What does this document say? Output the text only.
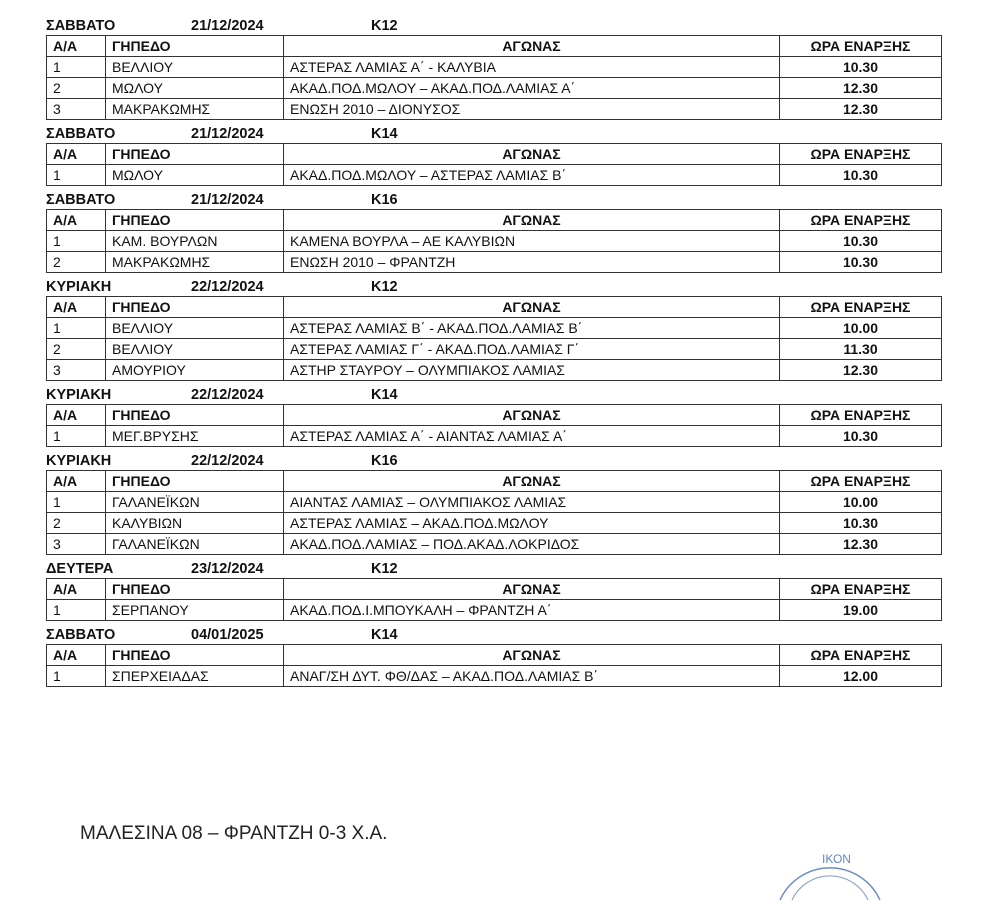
ΣΑΒΒΑΤΟ	21/12/2024	Κ12
Α/Α	ΓΗΠΕΔΟ	ΑΓΩΝΑΣ	ΩΡΑ ΕΝΑΡΞΗΣ
1	ΒΕΛΛΙΟΥ	ΑΣΤΕΡΑΣ ΛΑΜΙΑΣ Α΄ - ΚΑΛΥΒΙΑ	10.30
2	ΜΩΛΟΥ	ΑΚΑΔ.ΠΟΔ.ΜΩΛΟΥ – ΑΚΑΔ.ΠΟΔ.ΛΑΜΙΑΣ Α΄	12.30
3	ΜΑΚΡΑΚΩΜΗΣ	ΕΝΩΣΗ 2010 – ΔΙΟΝΥΣΟΣ	12.30
ΣΑΒΒΑΤΟ	21/12/2024	Κ14
Α/Α	ΓΗΠΕΔΟ	ΑΓΩΝΑΣ	ΩΡΑ ΕΝΑΡΞΗΣ
1	ΜΩΛΟΥ	ΑΚΑΔ.ΠΟΔ.ΜΩΛΟΥ – ΑΣΤΕΡΑΣ ΛΑΜΙΑΣ Β΄	10.30
ΣΑΒΒΑΤΟ	21/12/2024	Κ16
Α/Α	ΓΗΠΕΔΟ	ΑΓΩΝΑΣ	ΩΡΑ ΕΝΑΡΞΗΣ
1	ΚΑΜ. ΒΟΥΡΛΩΝ	ΚΑΜΕΝΑ ΒΟΥΡΛΑ – ΑΕ ΚΑΛΥΒΙΩΝ	10.30
2	ΜΑΚΡΑΚΩΜΗΣ	ΕΝΩΣΗ 2010 – ΦΡΑΝΤΖΗ	10.30
ΚΥΡΙΑΚΗ	22/12/2024	Κ12
Α/Α	ΓΗΠΕΔΟ	ΑΓΩΝΑΣ	ΩΡΑ ΕΝΑΡΞΗΣ
1	ΒΕΛΛΙΟΥ	ΑΣΤΕΡΑΣ ΛΑΜΙΑΣ Β΄ - ΑΚΑΔ.ΠΟΔ.ΛΑΜΙΑΣ Β΄	10.00
2	ΒΕΛΛΙΟΥ	ΑΣΤΕΡΑΣ ΛΑΜΙΑΣ Γ΄ - ΑΚΑΔ.ΠΟΔ.ΛΑΜΙΑΣ Γ΄	11.30
3	ΑΜΟΥΡΙΟΥ	ΑΣΤΗΡ ΣΤΑΥΡΟΥ – ΟΛΥΜΠΙΑΚΟΣ ΛΑΜΙΑΣ	12.30
ΚΥΡΙΑΚΗ	22/12/2024	Κ14
Α/Α	ΓΗΠΕΔΟ	ΑΓΩΝΑΣ	ΩΡΑ ΕΝΑΡΞΗΣ
1	ΜΕΓ.ΒΡΥΣΗΣ	ΑΣΤΕΡΑΣ ΛΑΜΙΑΣ Α΄ - ΑΙΑΝΤΑΣ ΛΑΜΙΑΣ Α΄	10.30
ΚΥΡΙΑΚΗ	22/12/2024	Κ16
Α/Α	ΓΗΠΕΔΟ	ΑΓΩΝΑΣ	ΩΡΑ ΕΝΑΡΞΗΣ
1	ΓΑΛΑΝΕΪΚΩΝ	ΑΙΑΝΤΑΣ ΛΑΜΙΑΣ – ΟΛΥΜΠΙΑΚΟΣ ΛΑΜΙΑΣ	10.00
2	ΚΑΛΥΒΙΩΝ	ΑΣΤΕΡΑΣ ΛΑΜΙΑΣ – ΑΚΑΔ.ΠΟΔ.ΜΩΛΟΥ	10.30
3	ΓΑΛΑΝΕΪΚΩΝ	ΑΚΑΔ.ΠΟΔ.ΛΑΜΙΑΣ – ΠΟΔ.ΑΚΑΔ.ΛΟΚΡΙΔΟΣ	12.30
ΔΕΥΤΕΡΑ	23/12/2024	Κ12
Α/Α	ΓΗΠΕΔΟ	ΑΓΩΝΑΣ	ΩΡΑ ΕΝΑΡΞΗΣ
1	ΣΕΡΠΑΝΟΥ	ΑΚΑΔ.ΠΟΔ.Ι.ΜΠΟΥΚΑΛΗ – ΦΡΑΝΤΖΗ Α΄	19.00
ΣΑΒΒΑΤΟ	04/01/2025	Κ14
Α/Α	ΓΗΠΕΔΟ	ΑΓΩΝΑΣ	ΩΡΑ ΕΝΑΡΞΗΣ
1	ΣΠΕΡΧΕΙΑΔΑΣ	ΑΝΑΓ/ΣΗ ΔΥΤ. ΦΘ/ΔΑΣ – ΑΚΑΔ.ΠΟΔ.ΛΑΜΙΑΣ Β΄	12.00
ΜΑΛΕΣΙΝΑ 08 – ΦΡΑΝΤΖΗ 0-3 Χ.Α.
ΙΚΟΝ
